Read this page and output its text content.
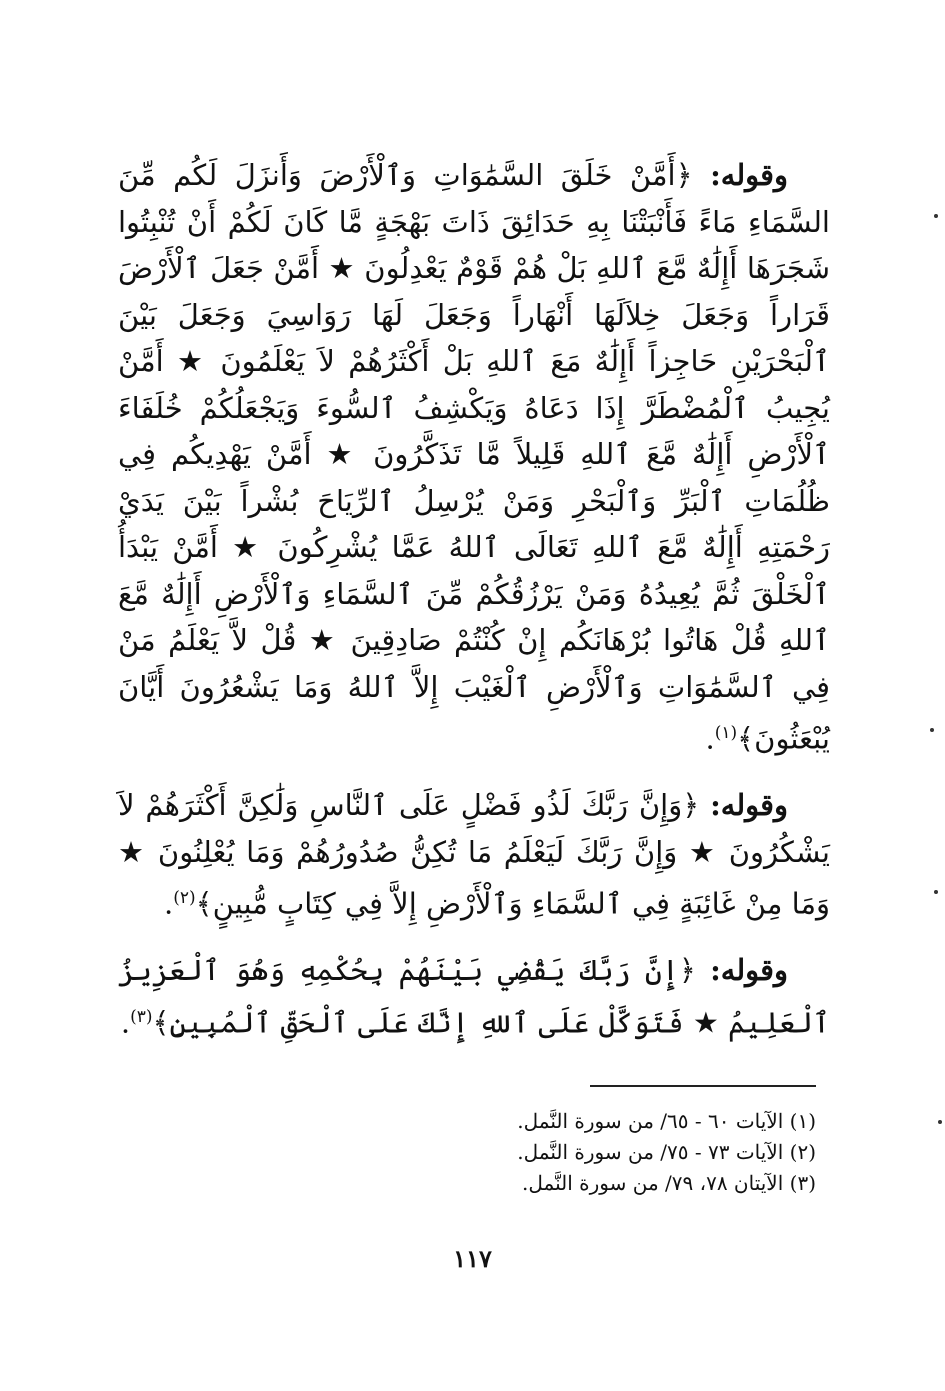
وقوله: ﴿أَمَّنْ خَلَقَ السَّمَٰوَاتِ وَٱلْأَرْضَ وَأَنزَلَ لَكُم مِّنَ السَّمَاءِ مَاءً فَأَنْبَتْنَا بِهِ حَدَائِقَ ذَاتَ بَهْجَةٍ مَّا كَانَ لَكُمْ أَنْ تُنْبِتُوا شَجَرَهَا أَإِلَٰهٌ مَّعَ ٱللهِ بَلْ هُمْ قَوْمٌ يَعْدِلُونَ ★ أَمَّنْ جَعَلَ ٱلْأَرْضَ قَرَاراً وَجَعَلَ خِلاَلَهَا أَنْهَاراً وَجَعَلَ لَهَا رَوَاسِيَ وَجَعَلَ بَيْنَ ٱلْبَحْرَيْنِ حَاجِزاً أَإِلَٰهٌ مَعَ ٱللهِ بَلْ أَكْثَرُهُمْ لاَ يَعْلَمُونَ ★ أَمَّنْ يُجِيبُ ٱلْمُضْطَرَّ إِذَا دَعَاهُ وَيَكْشِفُ ٱلسُّوءَ وَيَجْعَلُكُمْ خُلَفَاءَ ٱلْأَرْضِ أَإِلَٰهٌ مَّعَ ٱللهِ قَلِيلاً مَّا تَذَكَّرُونَ ★ أَمَّنْ يَهْدِيكُم فِي ظُلُمَاتِ ٱلْبَرِّ وَٱلْبَحْرِ وَمَنْ يُرْسِلُ ٱلرِّيَاحَ بُشْراً بَيْنَ يَدَيْ رَحْمَتِهِ أَإِلَٰهٌ مَّعَ ٱللهِ تَعَالَى ٱللهُ عَمَّا يُشْرِكُونَ ★ أَمَّنْ يَبْدَأُ ٱلْخَلْقَ ثُمَّ يُعِيدُهُ وَمَنْ يَرْزُقُكُمْ مِّنَ ٱلسَّمَاءِ وَٱلْأَرْضِ أَإِلَٰهٌ مَّعَ ٱللهِ قُلْ هَاتُوا بُرْهَانَكُم إِنْ كُنْتُمْ صَادِقِينَ ★ قُلْ لاَّ يَعْلَمُ مَنْ فِي ٱلسَّمَٰوَاتِ وَٱلْأَرْضِ ٱلْغَيْبَ إِلاَّ ٱللهُ وَمَا يَشْعُرُونَ أَيَّانَ يُبْعَثُونَ﴾$^{(١)}$.

وقوله: ﴿وَإِنَّ رَبَّكَ لَذُو فَضْلٍ عَلَى ٱلنَّاسِ وَلَٰكِنَّ أَكْثَرَهُمْ لاَ يَشْكُرُونَ ★ وَإِنَّ رَبَّكَ لَيَعْلَمُ مَا تُكِنُّ صُدُورُهُمْ وَمَا يُعْلِنُونَ ★ وَمَا مِنْ غَائِبَةٍ فِي ٱلسَّمَاءِ وَٱلْأَرْضِ إِلاَّ فِي كِتَابٍ مُّبِينٍ﴾$^{(٢)}$.

وقوله: ﴿إِنَّ رَبَّكَ يَقْضِي بَيْنَهُمْ بِحُكْمِهِ وَهُوَ ٱلْعَزِيزُ ٱلْعَلِيمُ ★ فَتَوَكَّلْ عَلَى ٱللهِ إِنَّكَ عَلَى ٱلْحَقِّ ٱلْمُبِينِ﴾$^{(٣)}$.

(١) الآيات ٦٠ - ٦٥/ من سورة النَّمل.

(٢) الآيات ٧٣ - ٧٥/ من سورة النَّمل.

(٣) الآيتان ٧٨، ٧٩/ من سورة النَّمل.

١١٧
